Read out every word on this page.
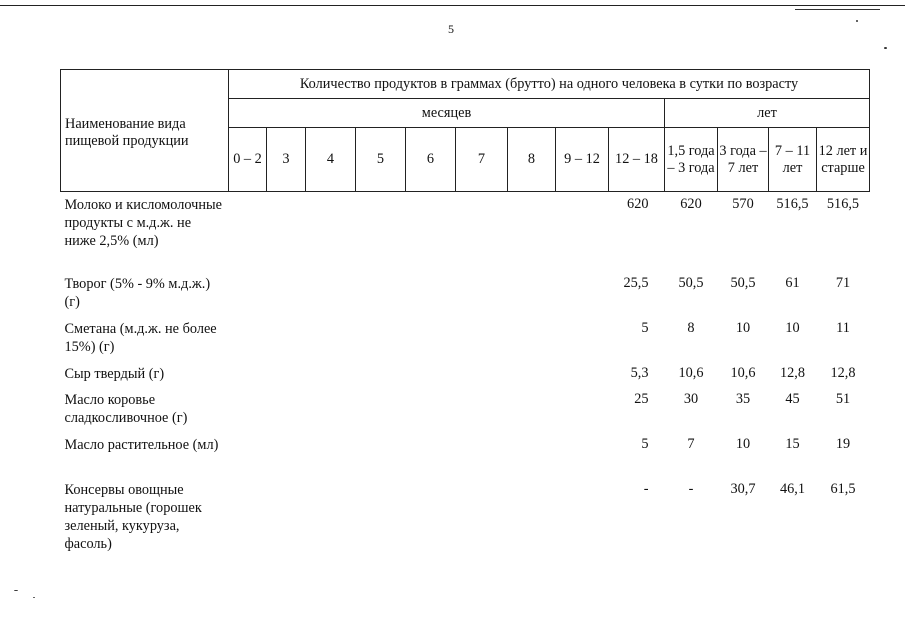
5
Наименование вида пищевой продукции	Количество продуктов в граммах (брутто) на одного человека в сутки по возрасту												
	месяцев									лет			
	0 – 2	3	4	5	6	7	8	9 – 12	12 – 18	1,5 года – 3 года	3 года – 7 лет	7 – 11 лет	12 лет и старше
Молоко и кисломолочные продукты с м.д.ж. не ниже 2,5% (мл)									620	620	570	516,5	516,5
Творог (5% - 9% м.д.ж.) (г)									25,5	50,5	50,5	61	71
Сметана (м.д.ж. не более 15%) (г)									5	8	10	10	11
Сыр твердый (г)									5,3	10,6	10,6	12,8	12,8
Масло коровье сладкосливочное (г)									25	30	35	45	51
Масло растительное (мл)									5	7	10	15	19
Консервы овощные натуральные (горошек зеленый, кукуруза, фасоль)									-	-	30,7	46,1	61,5
